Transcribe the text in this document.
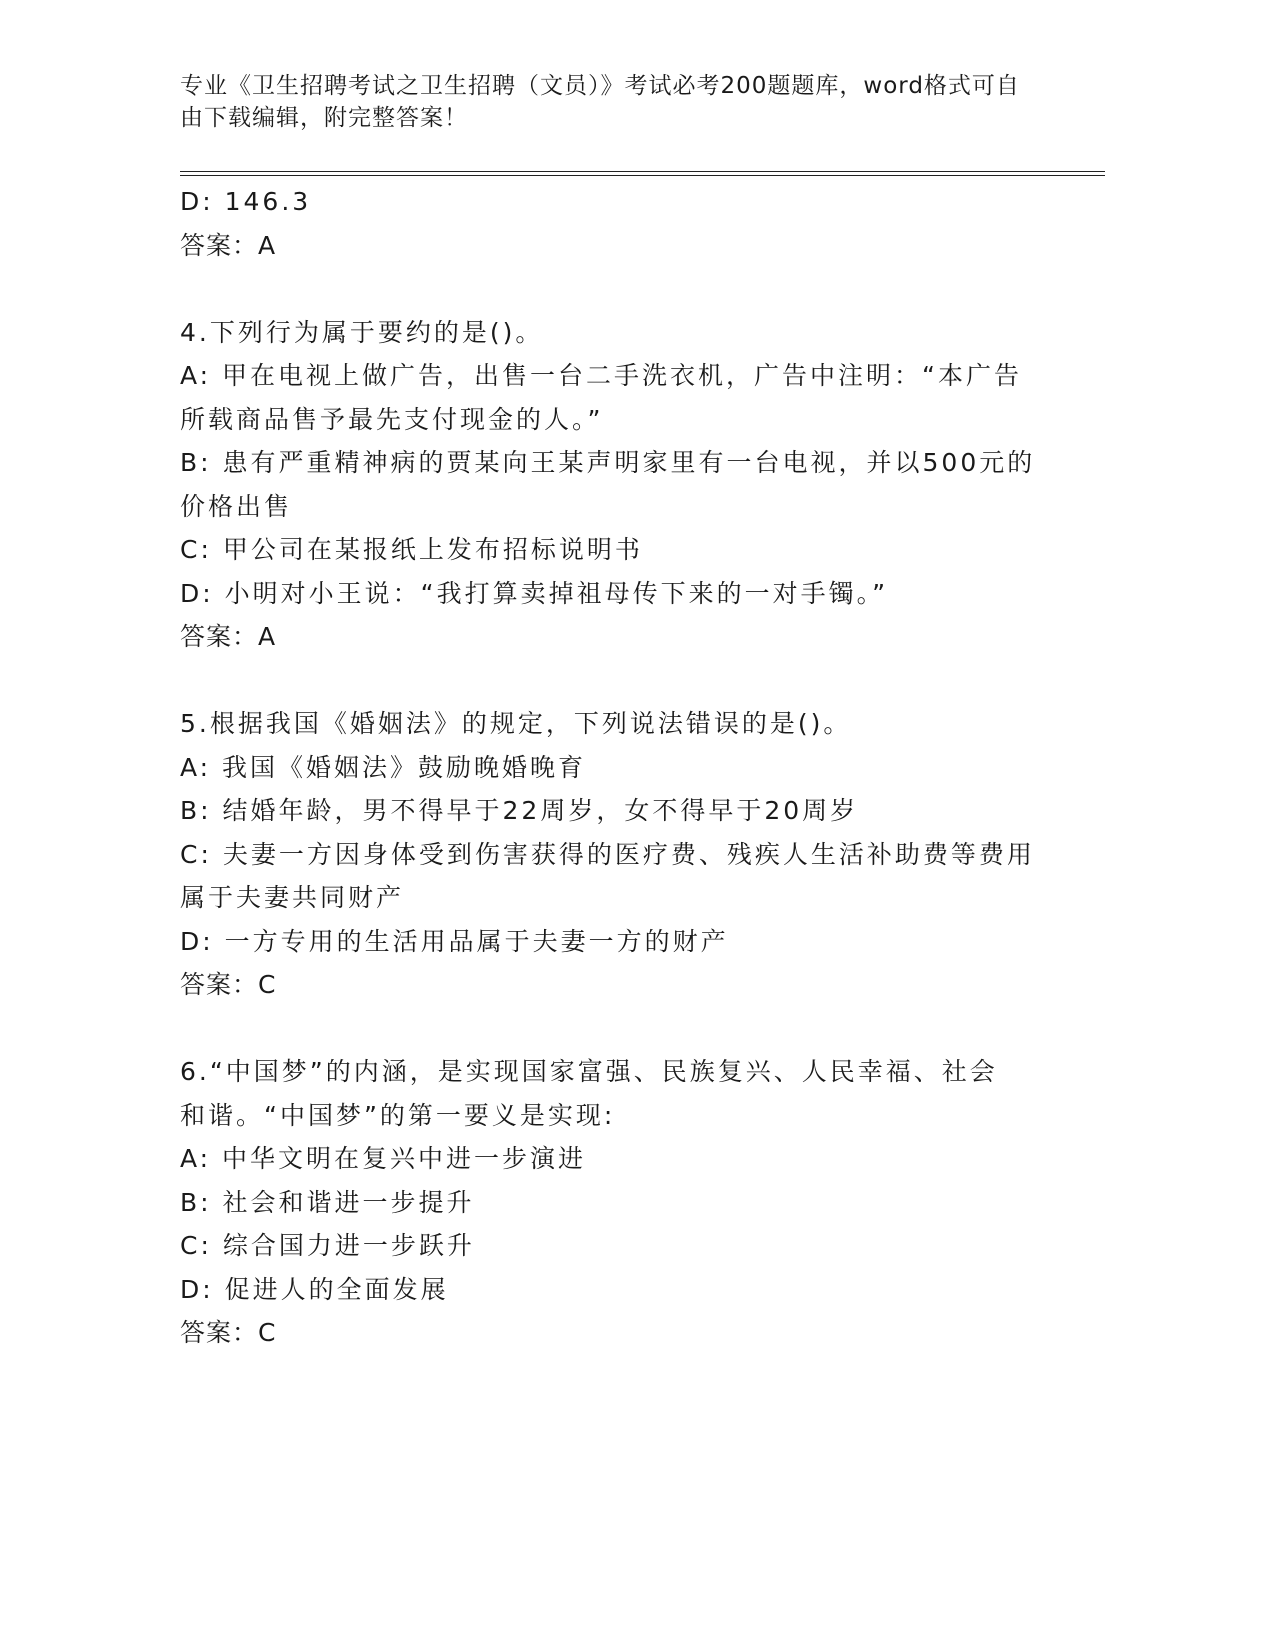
专业《卫生招聘考试之卫生招聘（文员）》考试必考200题题库，word格式可自
由下载编辑，附完整答案！
D: 146.3
答案：A
4.下列行为属于要约的是()。
A: 甲在电视上做广告，出售一台二手洗衣机，广告中注明：“本广告
所载商品售予最先支付现金的人。”
B: 患有严重精神病的贾某向王某声明家里有一台电视，并以500元的
价格出售
C: 甲公司在某报纸上发布招标说明书
D: 小明对小王说：“我打算卖掉祖母传下来的一对手镯。”
答案：A
5.根据我国《婚姻法》的规定，下列说法错误的是()。
A: 我国《婚姻法》鼓励晚婚晚育
B: 结婚年龄，男不得早于22周岁，女不得早于20周岁
C: 夫妻一方因身体受到伤害获得的医疗费、残疾人生活补助费等费用
属于夫妻共同财产
D: 一方专用的生活用品属于夫妻一方的财产
答案：C
6.“中国梦”的内涵，是实现国家富强、民族复兴、人民幸福、社会
和谐。“中国梦”的第一要义是实现:
A: 中华文明在复兴中进一步演进
B: 社会和谐进一步提升
C: 综合国力进一步跃升
D: 促进人的全面发展
答案：C
